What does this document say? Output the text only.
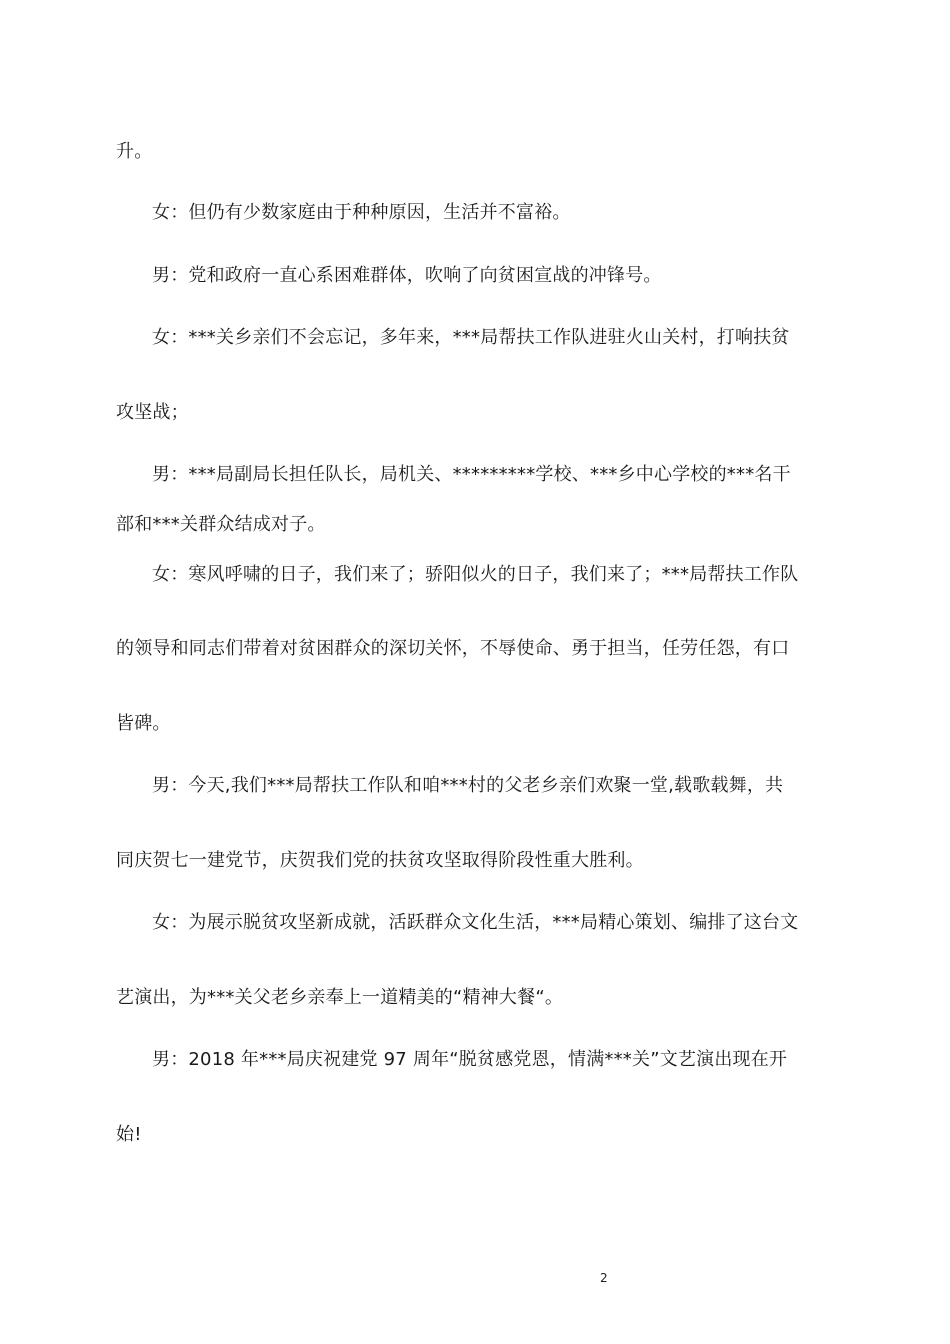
升。
女：但仍有少数家庭由于种种原因，生活并不富裕。
男：党和政府一直心系困难群体，吹响了向贫困宣战的冲锋号。
女：***关乡亲们不会忘记，多年来，***局帮扶工作队进驻火山关村，打响扶贫
攻坚战；
男：***局副局长担任队长，局机关、*********学校、***乡中心学校的***名干
部和***关群众结成对子。
女：寒风呼啸的日子，我们来了；骄阳似火的日子，我们来了；***局帮扶工作队
的领导和同志们带着对贫困群众的深切关怀，不辱使命、勇于担当，任劳任怨，有口
皆碑。
男：今天,我们***局帮扶工作队和咱***村的父老乡亲们欢聚一堂,载歌载舞，共
同庆贺七一建党节，庆贺我们党的扶贫攻坚取得阶段性重大胜利。
女：为展示脱贫攻坚新成就，活跃群众文化生活，***局精心策划、编排了这台文
艺演出，为***关父老乡亲奉上一道精美的“精神大餐“。
男：2018 年***局庆祝建党 97 周年“脱贫感党恩，情满***关”文艺演出现在开
始!
2
